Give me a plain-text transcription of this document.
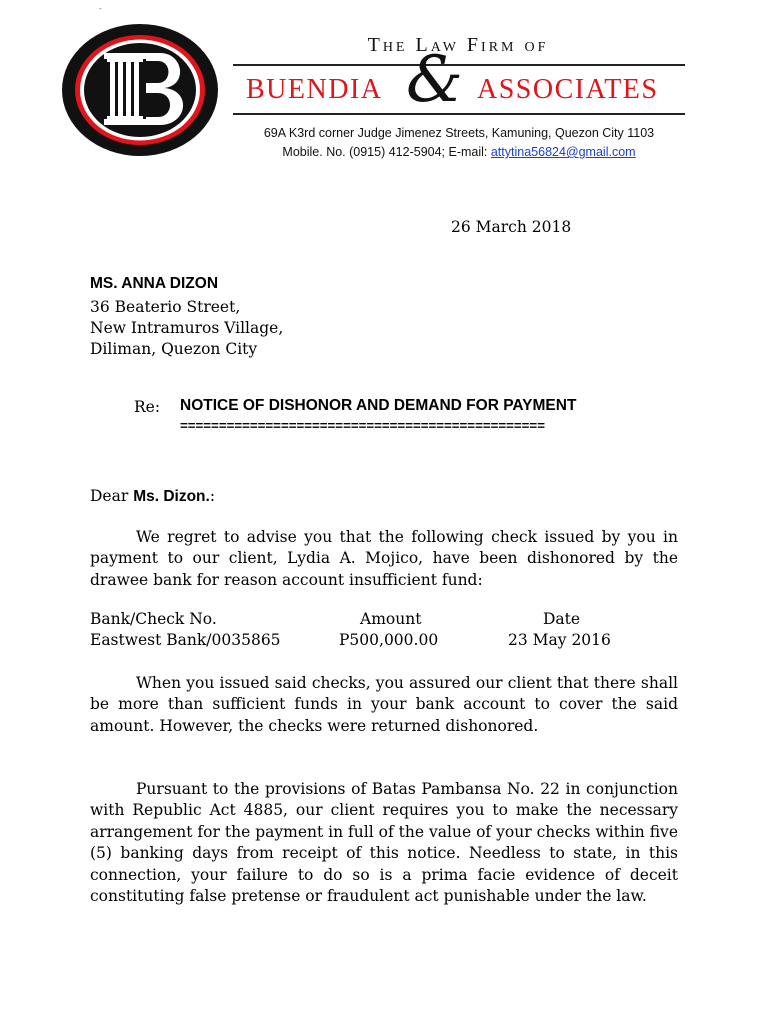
-
The Law Firm of
BUENDIA & ASSOCIATES
69A K3rd corner Judge Jimenez Streets, Kamuning, Quezon City 1103
Mobile. No. (0915) 412-5904; E-mail: attytina56824@gmail.com
26 March 2018
MS. ANNA DIZON
36 Beaterio Street,
New Intramuros Village,
Diliman, Quezon City
Re: NOTICE OF DISHONOR AND DEMAND FOR PAYMENT
===============================================
Dear Ms. Dizon.:
We regret to advise you that the following check issued by you in payment to our client, Lydia A. Mojico, have been dishonored by the drawee bank for reason account insufficient fund:
Bank/Check No.	Amount	Date
Eastwest Bank/0035865	P500,000.00	23 May 2016
When you issued said checks, you assured our client that there shall be more than sufficient funds in your bank account to cover the said amount. However, the checks were returned dishonored.
Pursuant to the provisions of Batas Pambansa No. 22 in conjunction with Republic Act 4885, our client requires you to make the necessary arrangement for the payment in full of the value of your checks within five (5) banking days from receipt of this notice. Needless to state, in this connection, your failure to do so is a prima facie evidence of deceit constituting false pretense or fraudulent act punishable under the law.
